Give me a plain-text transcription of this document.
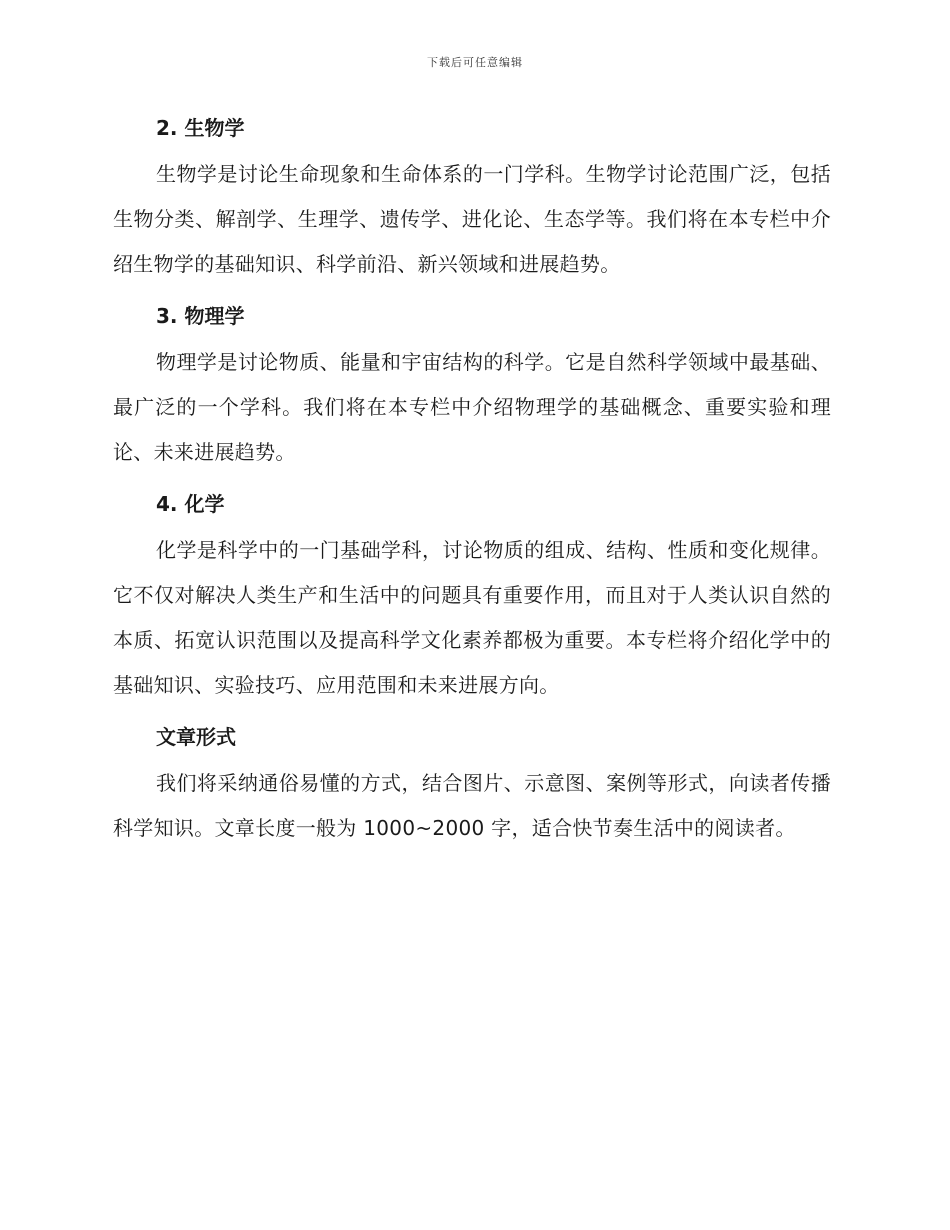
下载后可任意编辑
2. 生物学

生物学是讨论生命现象和生命体系的一门学科。生物学讨论范围广泛，包括生物分类、解剖学、生理学、遗传学、进化论、生态学等。我们将在本专栏中介绍生物学的基础知识、科学前沿、新兴领域和进展趋势。

3. 物理学

物理学是讨论物质、能量和宇宙结构的科学。它是自然科学领域中最基础、最广泛的一个学科。我们将在本专栏中介绍物理学的基础概念、重要实验和理论、未来进展趋势。

4. 化学

化学是科学中的一门基础学科，讨论物质的组成、结构、性质和变化规律。它不仅对解决人类生产和生活中的问题具有重要作用，而且对于人类认识自然的本质、拓宽认识范围以及提高科学文化素养都极为重要。本专栏将介绍化学中的基础知识、实验技巧、应用范围和未来进展方向。

文章形式

我们将采纳通俗易懂的方式，结合图片、示意图、案例等形式，向读者传播科学知识。文章长度一般为 1000~2000 字，适合快节奏生活中的阅读者。
